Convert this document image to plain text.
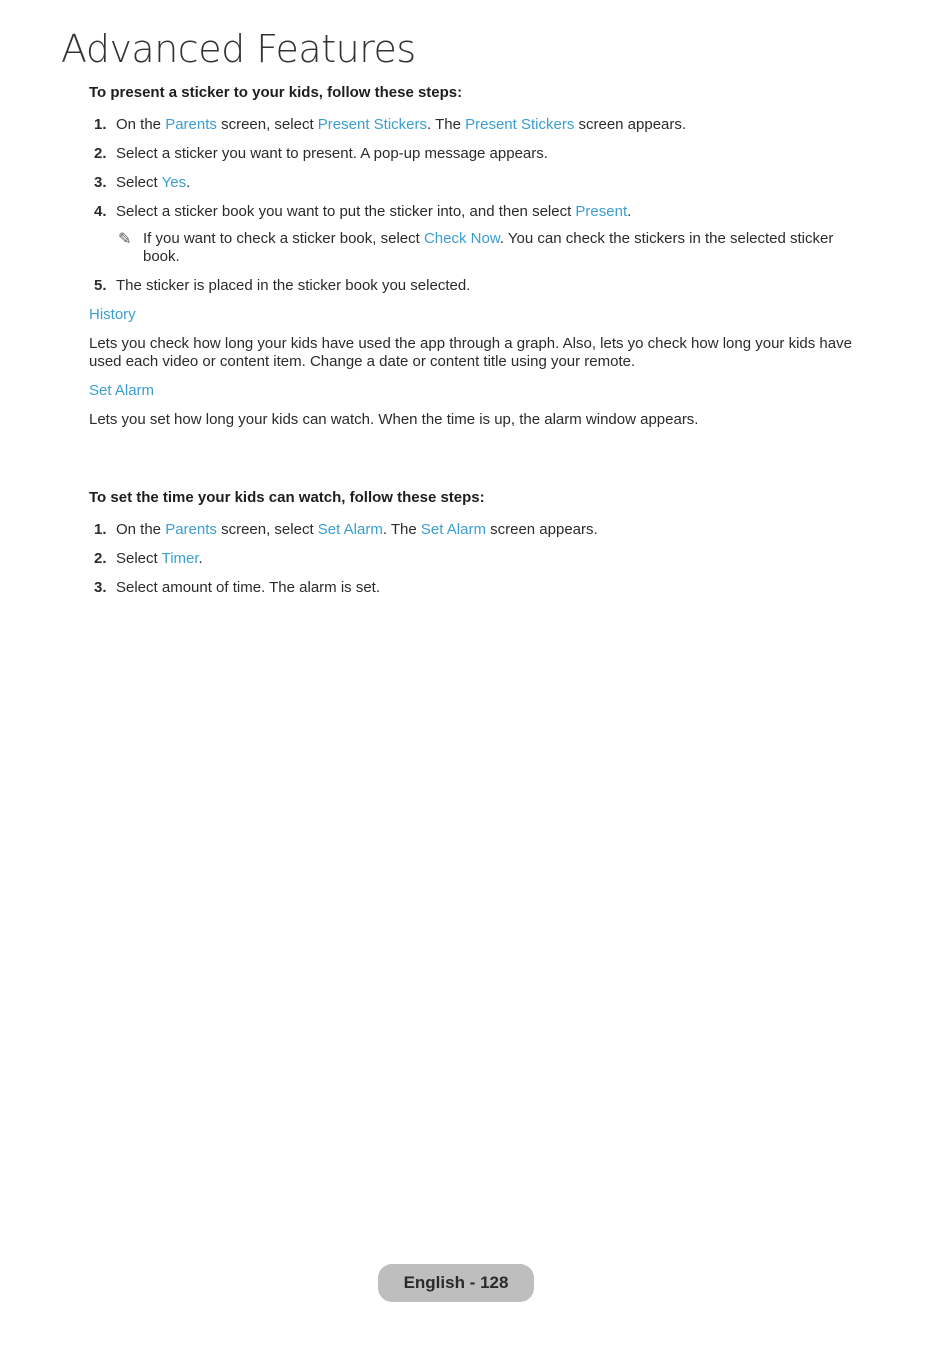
Advanced Features

To present a sticker to your kids, follow these steps:

1. On the Parents screen, select Present Stickers. The Present Stickers screen appears.
2. Select a sticker you want to present. A pop-up message appears.
3. Select Yes.
4. Select a sticker book you want to put the sticker into, and then select Present.
✎ If you want to check a sticker book, select Check Now. You can check the stickers in the selected sticker book.
5. The sticker is placed in the sticker book you selected.

History

Lets you check how long your kids have used the app through a graph. Also, lets yo check how long your kids have used each video or content item. Change a date or content title using your remote.

Set Alarm

Lets you set how long your kids can watch. When the time is up, the alarm window appears.

To set the time your kids can watch, follow these steps:

1. On the Parents screen, select Set Alarm. The Set Alarm screen appears.
2. Select Timer.
3. Select amount of time. The alarm is set.
English - 128
